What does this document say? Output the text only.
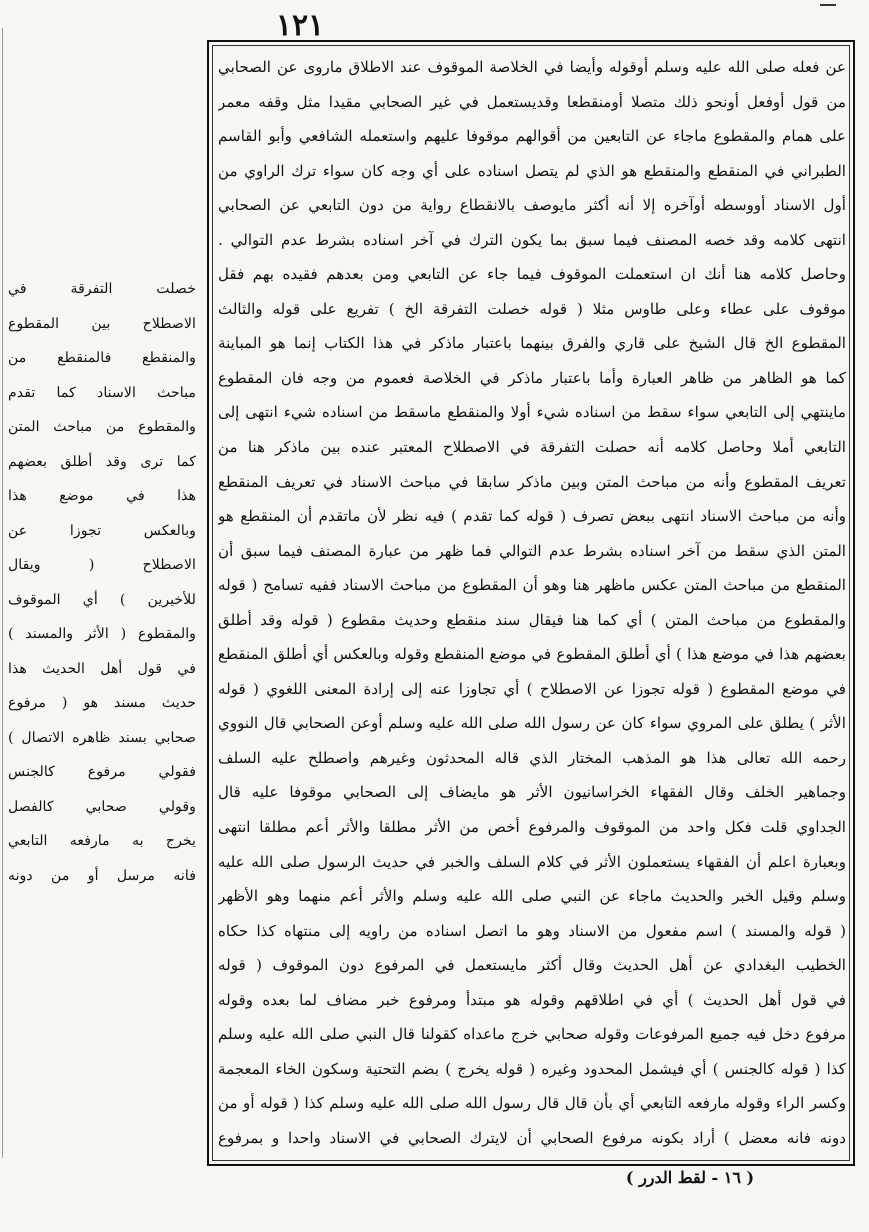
١٢١
عن فعله صلى الله عليه وسلم أوقوله وأيضا في الخلاصة الموقوف عند الاطلاق ماروى عن الصحابي
من قول أوفعل أونحو ذلك متصلا أومنقطعا وقديستعمل في غير الصحابي مقيدا مثل وقفه معمر
على همام والمقطوع ماجاء عن التابعين من أقوالهم موقوفا عليهم واستعمله الشافعي وأبو القاسم
الطبراني في المنقطع والمنقطع هو الذي لم يتصل اسناده على أي وجه كان سواء ترك الراوي من
أول الاسناد أووسطه أوآخره إلا أنه أكثر مايوصف بالانقطاع رواية من دون التابعي عن الصحابي
انتهى كلامه وقد خصه المصنف فيما سبق بما يكون الترك في آخر اسناده بشرط عدم التوالي .
وحاصل كلامه هنا أنك ان استعملت الموقوف فيما جاء عن التابعي ومن بعدهم فقيده بهم فقل
موقوف على عطاء وعلى طاوس مثلا ( قوله خصلت التفرقة الخ ) تفريع على قوله والثالث
المقطوع الخ قال الشيخ على قاري والفرق بينهما باعتبار ماذكر في هذا الكتاب إنما هو المباينة
كما هو الظاهر من ظاهر العبارة وأما باعتبار ماذكر في الخلاصة فعموم من وجه فان المقطوع
ماينتهي إلى التابعي سواء سقط من اسناده شيء أولا والمنقطع ماسقط من اسناده شيء انتهى إلى
التابعي أملا وحاصل كلامه أنه حصلت التفرقة في الاصطلاح المعتبر عنده بين ماذكر هنا من
تعريف المقطوع وأنه من مباحث المتن وبين ماذكر سابقا في مباحث الاسناد في تعريف المنقطع
وأنه من مباحث الاسناد انتهى ببعض تصرف ( قوله كما تقدم ) فيه نظر لأن ماتقدم أن المنقطع هو
المتن الذي سقط من آخر اسناده بشرط عدم التوالي فما ظهر من عبارة المصنف فيما سبق أن
المنقطع من مباحث المتن عكس ماظهر هنا وهو أن المقطوع من مباحث الاسناد ففيه تسامح ( قوله
والمقطوع من مباحث المتن ) أي كما هنا فيقال سند منقطع وحديث مقطوع ( قوله وقد أطلق
بعضهم هذا في موضع هذا ) أي أطلق المقطوع في موضع المنقطع وقوله وبالعكس أي أطلق المنقطع
في موضع المقطوع ( قوله تجوزا عن الاصطلاح ) أي تجاوزا عنه إلى إرادة المعنى اللغوي ( قوله
الأثر ) يطلق على المروي سواء كان عن رسول الله صلى الله عليه وسلم أوعن الصحابي قال النووي
رحمه الله تعالى هذا هو المذهب المختار الذي قاله المحدثون وغيرهم واصطلح عليه السلف
وجماهير الخلف وقال الفقهاء الخراسانيون الأثر هو مايضاف إلى الصحابي موقوفا عليه قال
الجداوي قلت فكل واحد من الموقوف والمرفوع أخص من الأثر مطلقا والأثر أعم مطلقا انتهى
وبعبارة اعلم أن الفقهاء يستعملون الأثر في كلام السلف والخبر في حديث الرسول صلى الله عليه
وسلم وقيل الخبر والحديث ماجاء عن النبي صلى الله عليه وسلم والأثر أعم منهما وهو الأظهر
( قوله والمسند ) اسم مفعول من الاسناد وهو ما اتصل اسناده من راويه إلى منتهاه كذا حكاه
الخطيب البغدادي عن أهل الحديث وقال أكثر مايستعمل في المرفوع دون الموقوف ( قوله
في قول أهل الحديث ) أي في اطلاقهم وقوله هو مبتدأ ومرفوع خبر مضاف لما بعده وقوله
مرفوع دخل فيه جميع المرفوعات وقوله صحابي خرج ماعداه كقولنا قال النبي صلى الله عليه وسلم
كذا ( قوله كالجنس ) أي فيشمل المحدود وغيره ( قوله يخرج ) بضم التحتية وسكون الخاء المعجمة
وكسر الراء وقوله مارفعه التابعي أي بأن قال قال رسول الله صلى الله عليه وسلم كذا ( قوله أو من
دونه فانه معضل ) أراد بكونه مرفوع الصحابي أن لايترك الصحابي في الاسناد واحدا و بمرفوع
خصلت التفرقة في
الاصطلاح بين المقطوع
والمنقطع فالمنقطع من
مباحث الاسناد كما تقدم
والمقطوع من مباحث المتن
كما ترى وقد أطلق بعضهم
هذا في موضع هذا
وبالعكس تجوزا عن
الاصطلاح ( ويقال
للأخيرين ) أي الموقوف
والمقطوع ( الأثر والمسند )
في قول أهل الحديث هذا
حديث مسند هو ( مرفوع
صحابي بسند ظاهره الاتصال )
فقولي مرفوع كالجنس
وقولي صحابي كالفصل
يخرج به مارفعه التابعي
فانه مرسل أو من دونه
( ١٦ - لقط الدرر )
